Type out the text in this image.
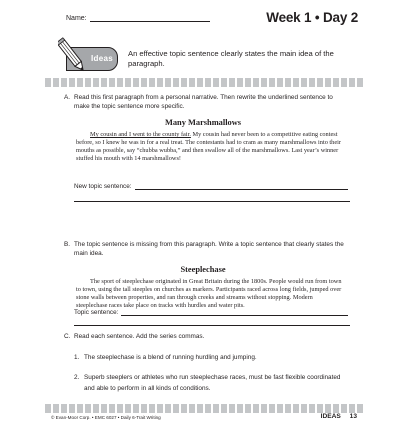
Name:	Week 1 • Day 2
Ideas
An effective topic sentence clearly states the main idea of the paragraph.
A. Read this first paragraph from a personal narrative. Then rewrite the underlined sentence to make the topic sentence more specific.
Many Marshmallows
My cousin and I went to the county fair. My cousin had never been to a competitive eating contest before, so I knew he was in for a real treat. The contestants had to cram as many marshmallows into their mouths as possible, say “chubba wubba,” and then swallow all of the marshmallows. Last year’s winner stuffed his mouth with 14 marshmallows!
New topic sentence:
B. The topic sentence is missing from this paragraph. Write a topic sentence that clearly states the main idea.
Steeplechase
The sport of steeplechase originated in Great Britain during the 1800s. People would run from town to town, using the tall steeples on churches as markers. Participants raced across long fields, jumped over stone walls between properties, and ran through creeks and streams without stopping. Modern steeplechase races take place on tracks with hurdles and water pits.
Topic sentence:
C. Read each sentence. Add the series commas.
1. The steeplechase is a blend of running hurdling and jumping.
2. Superb steeplers or athletes who run steeplechase races, must be fast flexible coordinated and able to perform in all kinds of conditions.
© Evan-Moor Corp. • EMC 6027 • Daily 6-Trait Writing	IDEAS 13
